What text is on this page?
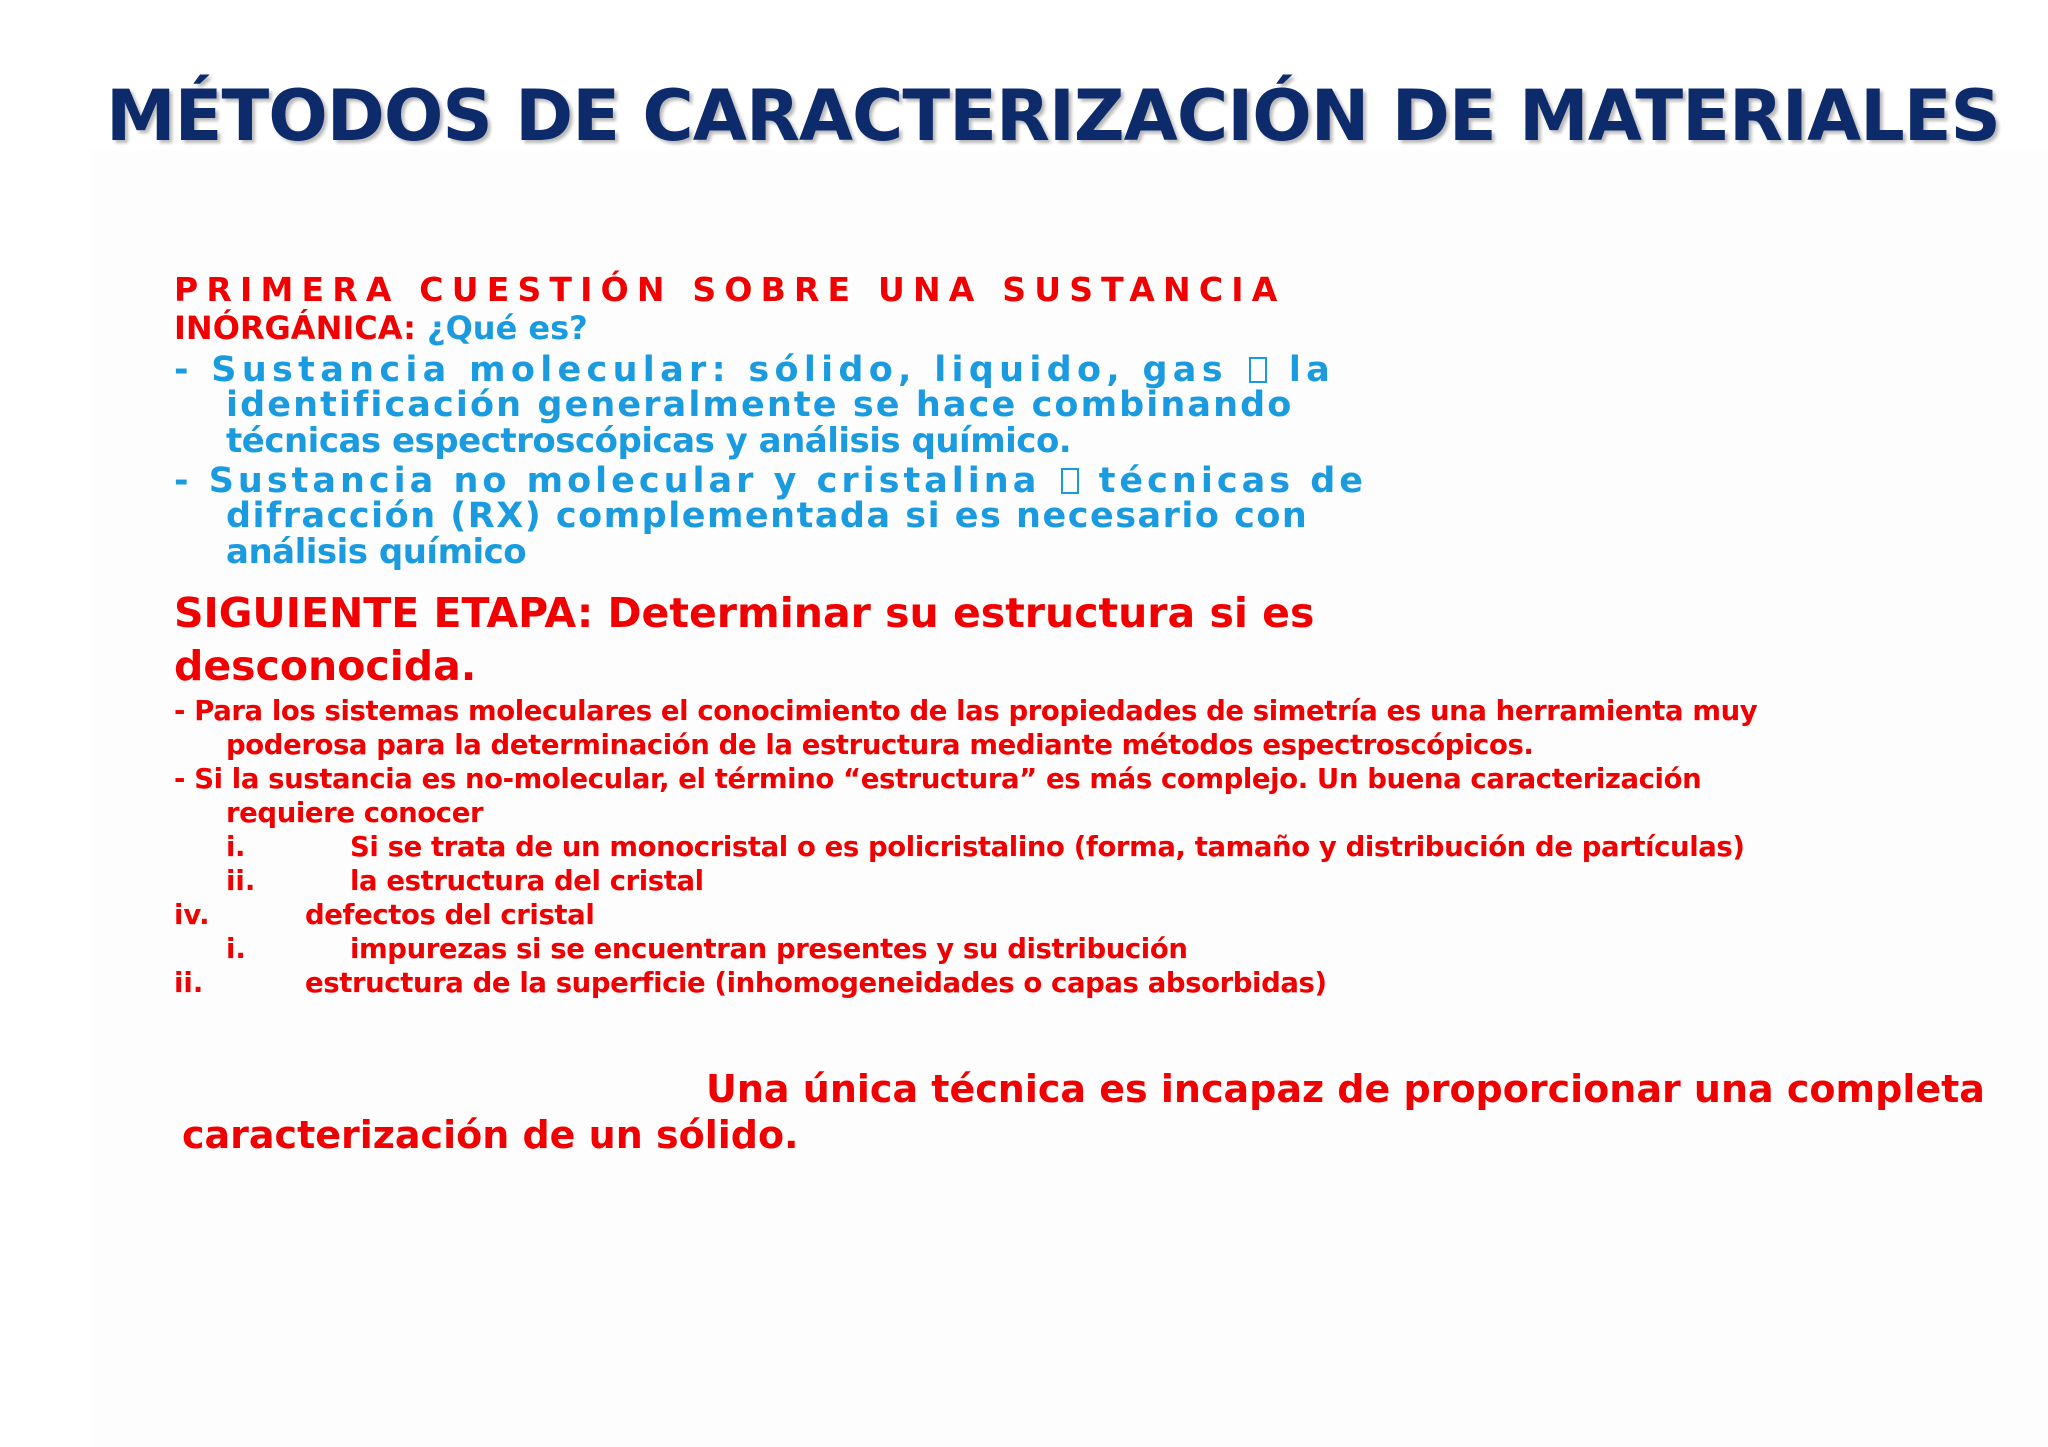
MÉTODOS DE CARACTERIZACIÓN DE MATERIALES
PRIMERA CUESTIÓN SOBRE UNA SUSTANCIA
INÓRGÁNICA: ¿Qué es?
- Sustancia molecular: sólido, liquido, gas la
identificación generalmente se hace combinando
técnicas espectroscópicas y análisis químico.
- Sustancia no molecular y cristalina técnicas de
difracción (RX) complementada si es necesario con
análisis químico
SIGUIENTE ETAPA: Determinar su estructura si es
desconocida.
- Para los sistemas moleculares el conocimiento de las propiedades de simetría es una herramienta muy
poderosa para la determinación de la estructura mediante métodos espectroscópicos.
- Si la sustancia es no-molecular, el término “estructura” es más complejo. Un buena caracterización
requiere conocer
i.	Si se trata de un monocristal o es policristalino (forma, tamaño y distribución de partículas)
ii.	la estructura del cristal
iv.	defectos del cristal
i.	impurezas si se encuentran presentes y su distribución
ii.	estructura de la superficie (inhomogeneidades o capas absorbidas)
Una única técnica es incapaz de proporcionar una completa
caracterización de un sólido.
